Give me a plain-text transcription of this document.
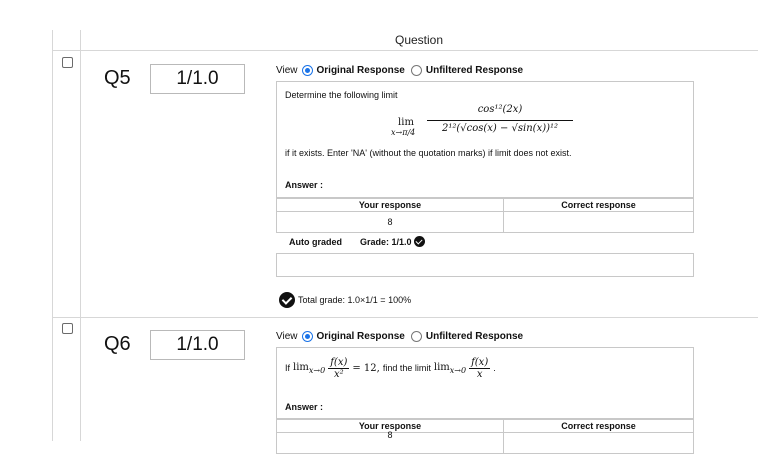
Question
Q5	1/1.0	View Original Response Unfiltered Response
Determine the following limit
lim
x→π/4
cos¹²(2x)
2¹²(√cos(x) − √sin(x))¹²
if it exists. Enter 'NA' (without the quotation marks) if limit does not exist.
Answer :
Your response	Correct response
8	
Auto graded Grade: 1/1.0
Total grade: 1.0×1/1 = 100%
Q6	1/1.0	View Original Response Unfiltered Response
If $\lim_{x\to 0} \frac{f(x)}{\text{x²}} = 12$, find the limit $\lim_{x\to 0} \frac{f(x)}{x}$ .
Answer :
Your response	Correct response
8	
